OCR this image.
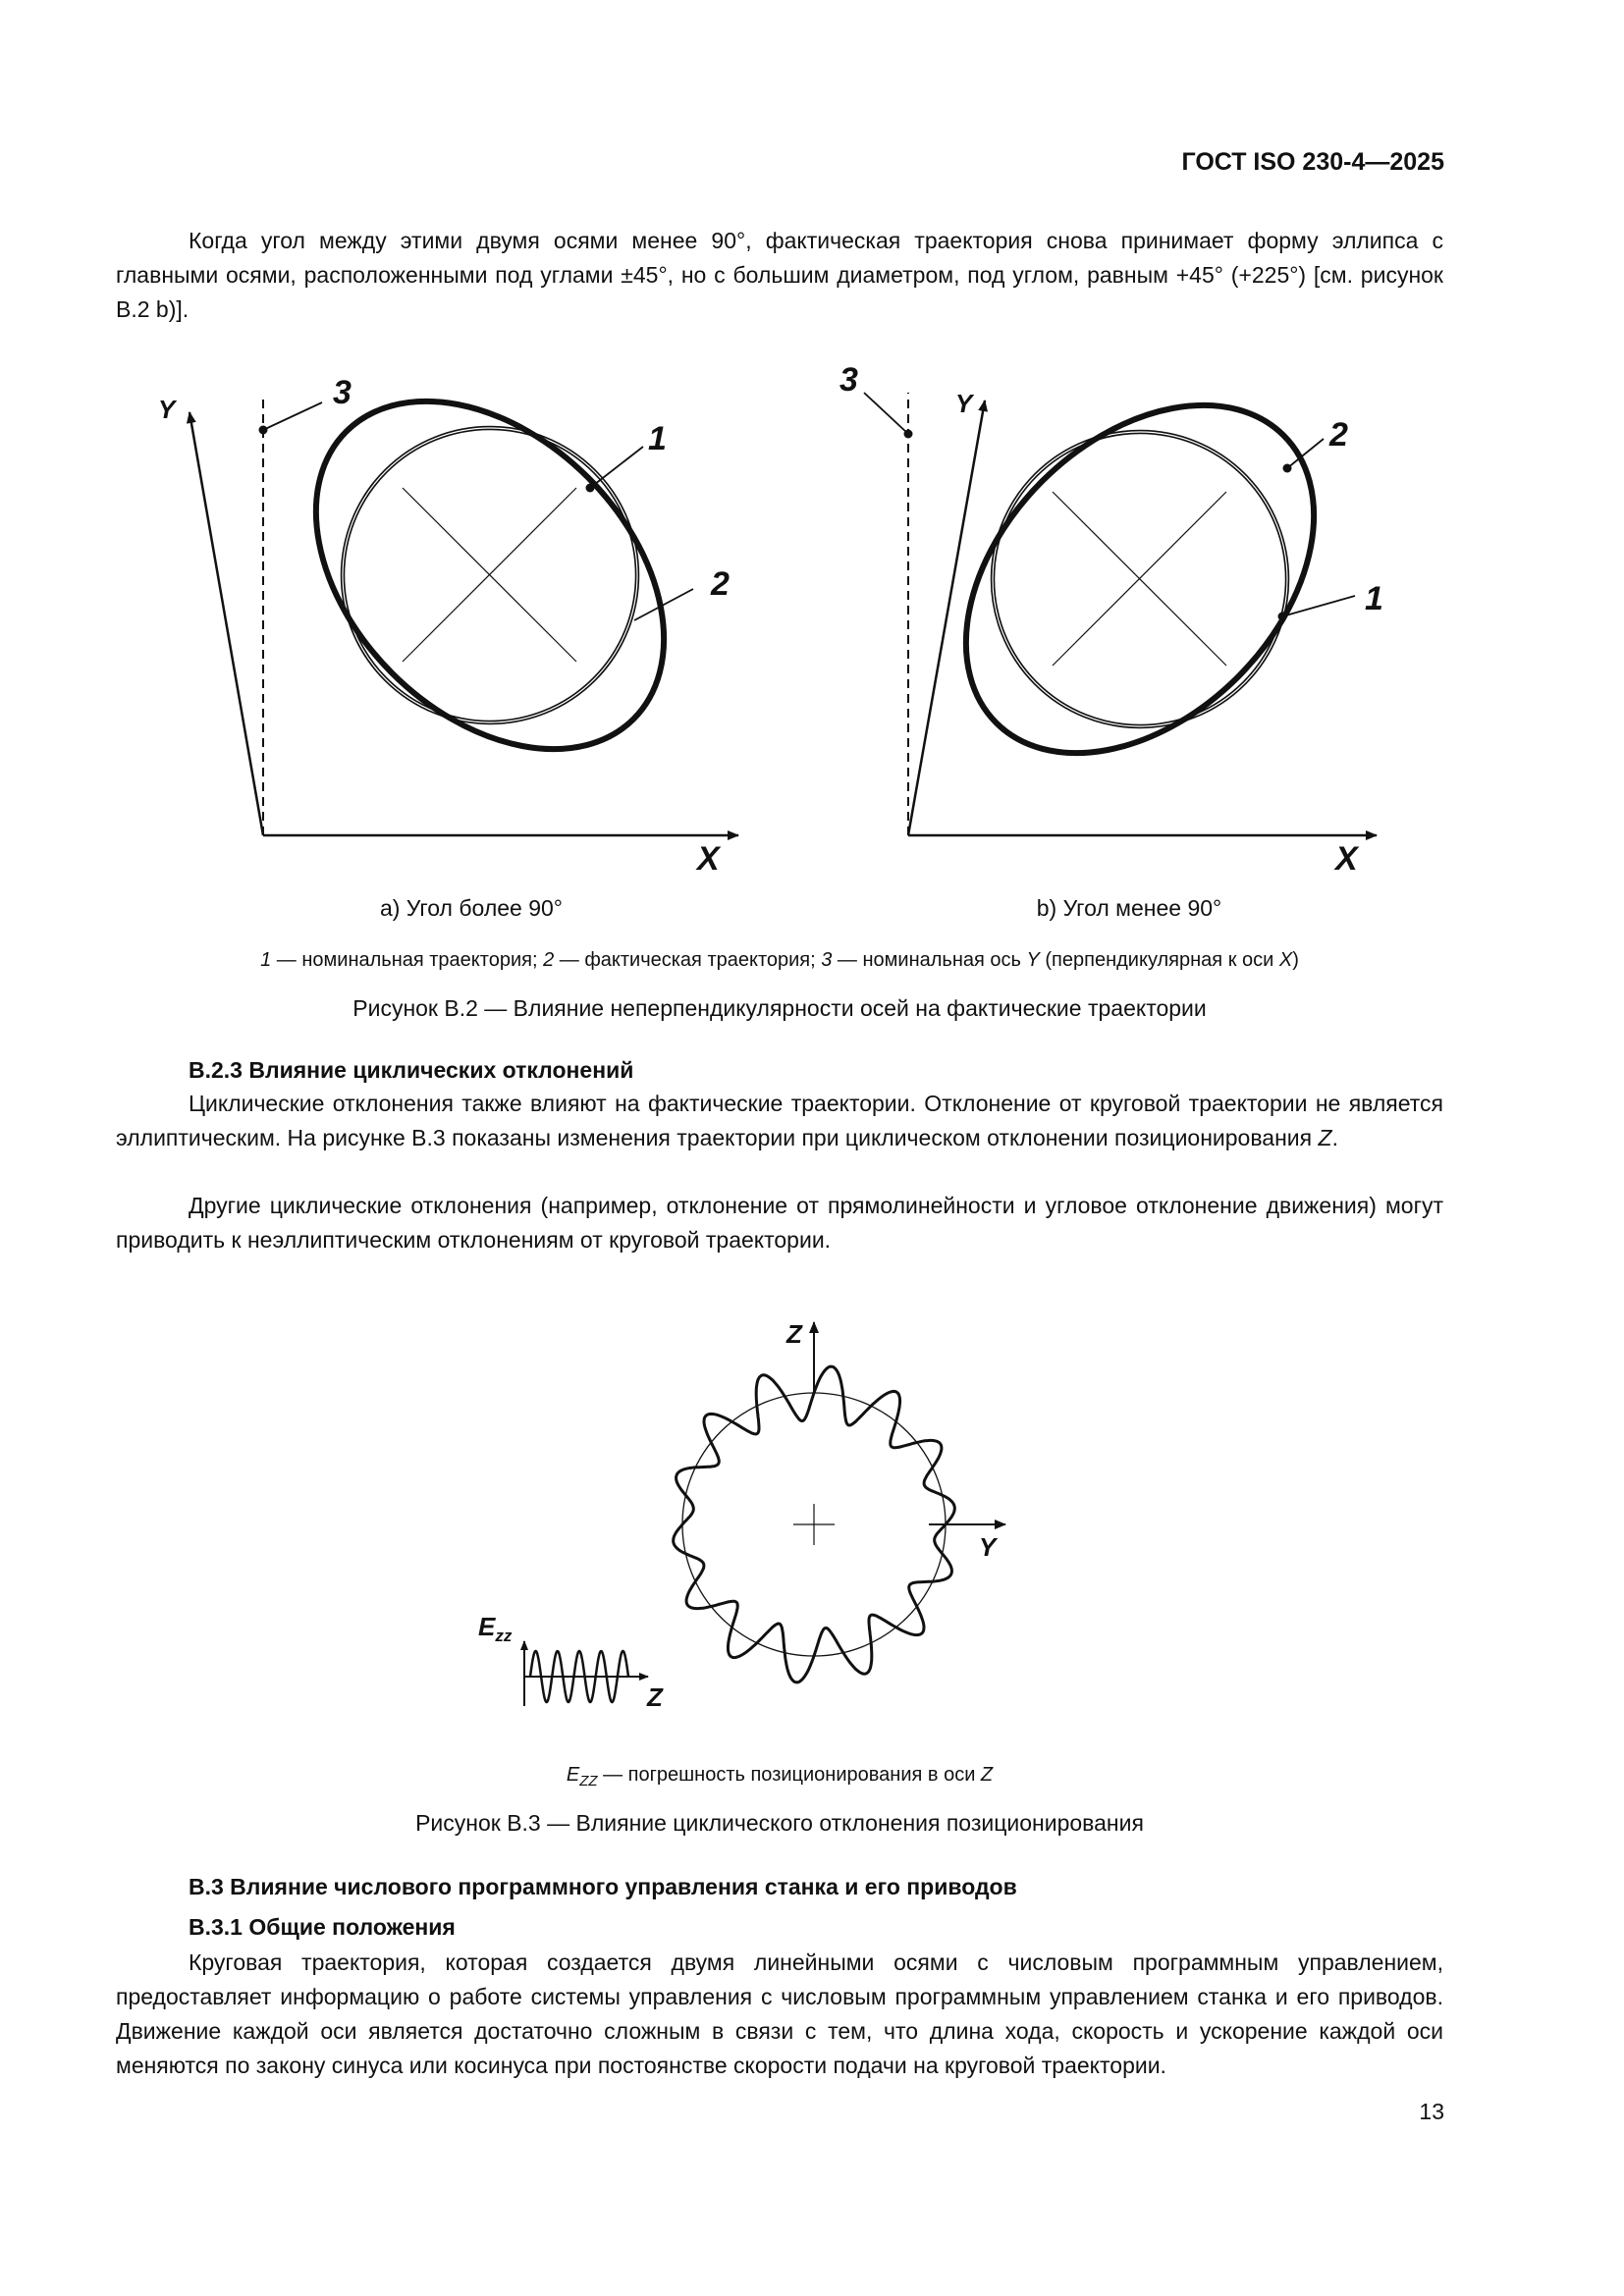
ГОСТ ISO 230-4—2025

Когда угол между этими двумя осями менее 90°, фактическая траектория снова принимает форму эллипса с главными осями, расположенными под углами ±45°, но с большим диаметром, под углом, равным +45° (+225°) [см. рисунок B.2 b)].

Y
X
3
1
2
3
Y
2
1
X
а) Угол более 90°	b) Угол менее 90°
1 — номинальная траектория; 2 — фактическая траектория; 3 — номинальная ось Y (перпендикулярная к оси X)
Рисунок B.2 — Влияние неперпендикулярности осей на фактические траектории
B.2.3 Влияние циклических отклонений

Циклические отклонения также влияют на фактические траектории. Отклонение от круговой траектории не является эллиптическим. На рисунке B.3 показаны изменения траектории при циклическом отклонении позиционирования Z.

Другие циклические отклонения (например, отклонение от прямолинейности и угловое отклонение движения) могут приводить к неэллиптическим отклонениям от круговой траектории.

Z
Y
$E_{zz}$
Z
$E_{ZZ}$ — погрешность позиционирования в оси Z
Рисунок B.3 — Влияние циклического отклонения позиционирования
B.3 Влияние числового программного управления станка и его приводов
B.3.1 Общие положения

Круговая траектория, которая создается двумя линейными осями с числовым программным управлением, предоставляет информацию о работе системы управления с числовым программным управлением станка и его приводов. Движение каждой оси является достаточно сложным в связи с тем, что длина хода, скорость и ускорение каждой оси меняются по закону синуса или косинуса при постоянстве скорости подачи на круговой траектории.

13
